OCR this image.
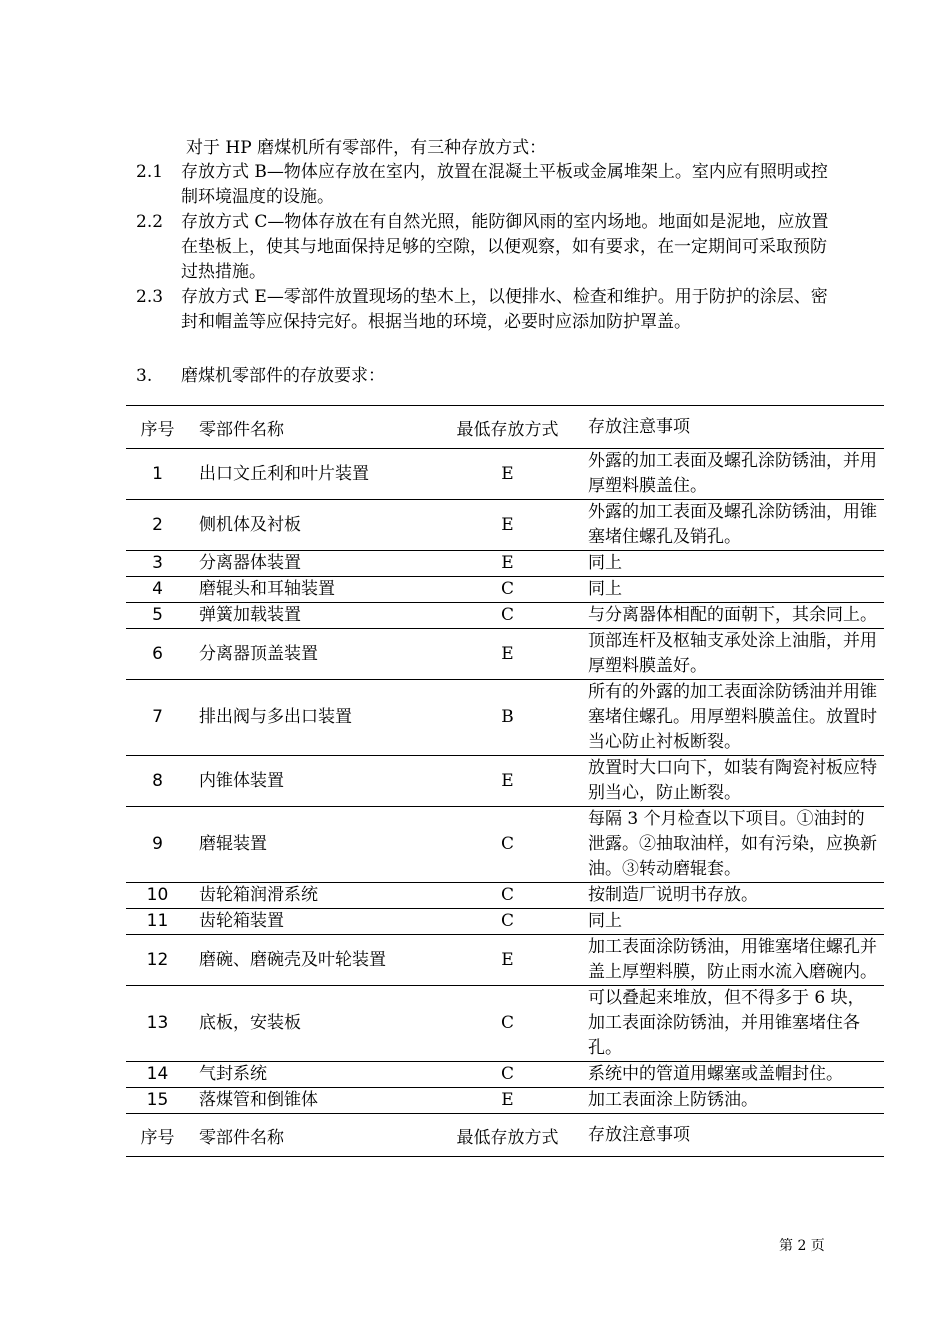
对于 HP 磨煤机所有零部件，有三种存放方式：
2.1 存放方式 B—物体应存放在室内，放置在混凝土平板或金属堆架上。室内应有照明或控制环境温度的设施。
2.2 存放方式 C—物体存放在有自然光照，能防御风雨的室内场地。地面如是泥地，应放置在垫板上，使其与地面保持足够的空隙，以便观察，如有要求，在一定期间可采取预防过热措施。
2.3 存放方式 E—零部件放置现场的垫木上，以便排水、检查和维护。用于防护的涂层、密封和帽盖等应保持完好。根据当地的环境，必要时应添加防护罩盖。
3. 磨煤机零部件的存放要求：
序号	零部件名称	最低存放方式	存放注意事项
1	出口文丘利和叶片装置	E	外露的加工表面及螺孔涂防锈油，并用厚塑料膜盖住。
2	侧机体及衬板	E	外露的加工表面及螺孔涂防锈油，用锥塞堵住螺孔及销孔。
3	分离器体装置	E	同上
4	磨辊头和耳轴装置	C	同上
5	弹簧加载装置	C	与分离器体相配的面朝下，其余同上。
6	分离器顶盖装置	E	顶部连杆及枢轴支承处涂上油脂，并用厚塑料膜盖好。
7	排出阀与多出口装置	B	所有的外露的加工表面涂防锈油并用锥塞堵住螺孔。用厚塑料膜盖住。放置时当心防止衬板断裂。
8	内锥体装置	E	放置时大口向下，如装有陶瓷衬板应特别当心，防止断裂。
9	磨辊装置	C	每隔 3 个月检查以下项目。①油封的泄露。②抽取油样，如有污染，应换新油。③转动磨辊套。
10	齿轮箱润滑系统	C	按制造厂说明书存放。
11	齿轮箱装置	C	同上
12	磨碗、磨碗壳及叶轮装置	E	加工表面涂防锈油，用锥塞堵住螺孔并盖上厚塑料膜，防止雨水流入磨碗内。
13	底板，安装板	C	可以叠起来堆放，但不得多于 6 块，加工表面涂防锈油，并用锥塞堵住各孔。
14	气封系统	C	系统中的管道用螺塞或盖帽封住。
15	落煤管和倒锥体	E	加工表面涂上防锈油。
序号	零部件名称	最低存放方式	存放注意事项
第 2 页
